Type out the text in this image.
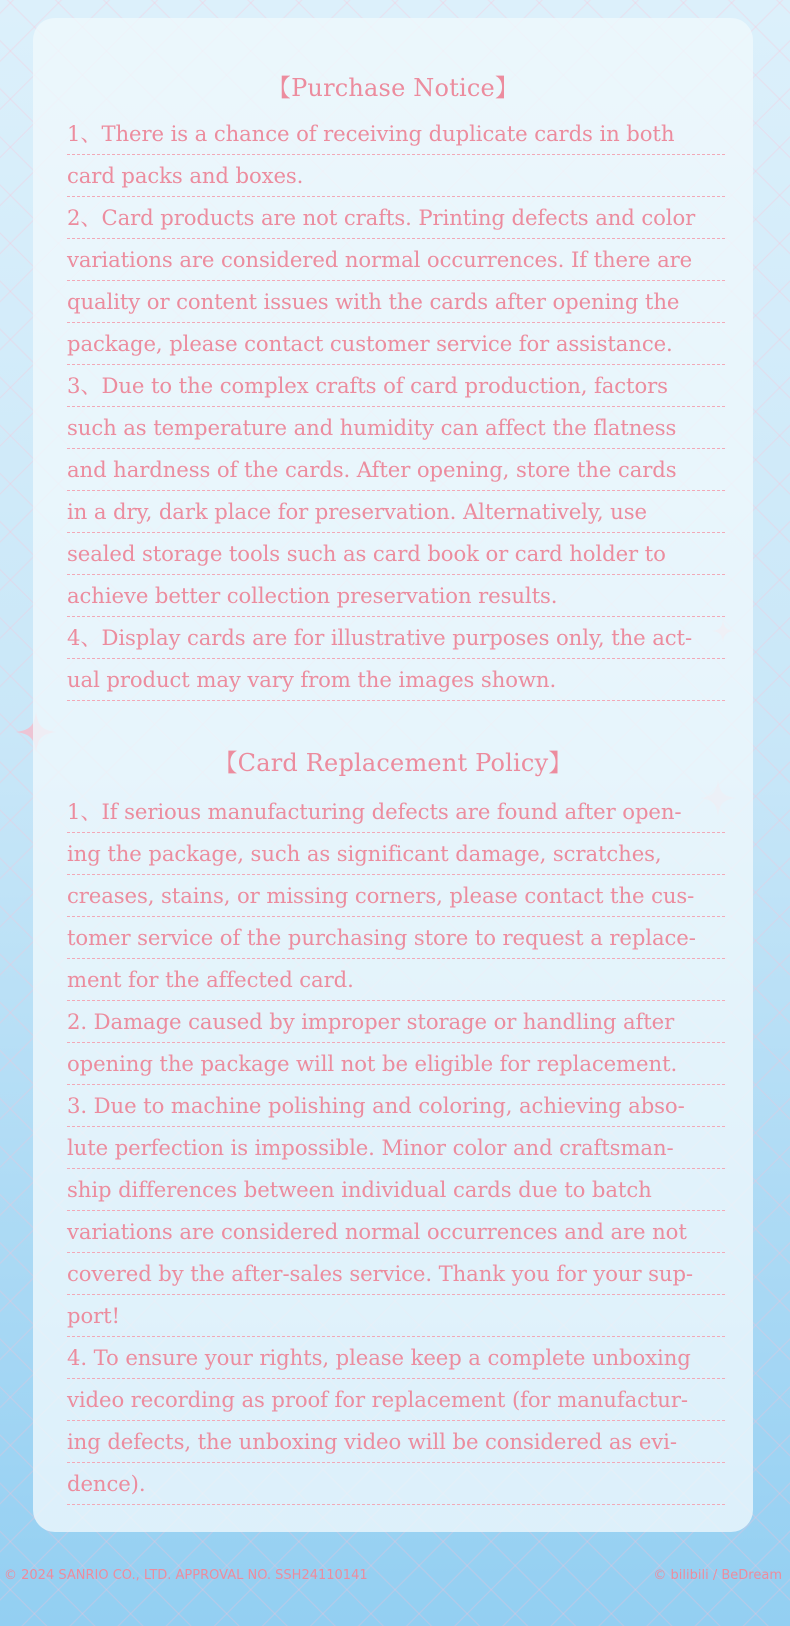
【Purchase Notice】
1、There is a chance of receiving duplicate cards in both
card packs and boxes.
2、Card products are not crafts. Printing defects and color
variations are considered normal occurrences. If there are
quality or content issues with the cards after opening the
package, please contact customer service for assistance.
3、Due to the complex crafts of card production, factors
such as temperature and humidity can affect the flatness
and hardness of the cards. After opening, store the cards
in a dry, dark place for preservation. Alternatively, use
sealed storage tools such as card book or card holder to
achieve better collection preservation results.
4、Display cards are for illustrative purposes only, the act-
ual product may vary from the images shown.
【Card Replacement Policy】
1、If serious manufacturing defects are found after open-
ing the package, such as significant damage, scratches,
creases, stains, or missing corners, please contact the cus-
tomer service of the purchasing store to request a replace-
ment for the affected card.
2. Damage caused by improper storage or handling after
opening the package will not be eligible for replacement.
3. Due to machine polishing and coloring, achieving abso-
lute perfection is impossible. Minor color and craftsman-
ship differences between individual cards due to batch
variations are considered normal occurrences and are not
covered by the after-sales service. Thank you for your sup-
port!
4. To ensure your rights, please keep a complete unboxing
video recording as proof for replacement (for manufactur-
ing defects, the unboxing video will be considered as evi-
dence).
© 2024 SANRIO CO., LTD. APPROVAL NO. SSH24110141	© bilibili / BeDream
